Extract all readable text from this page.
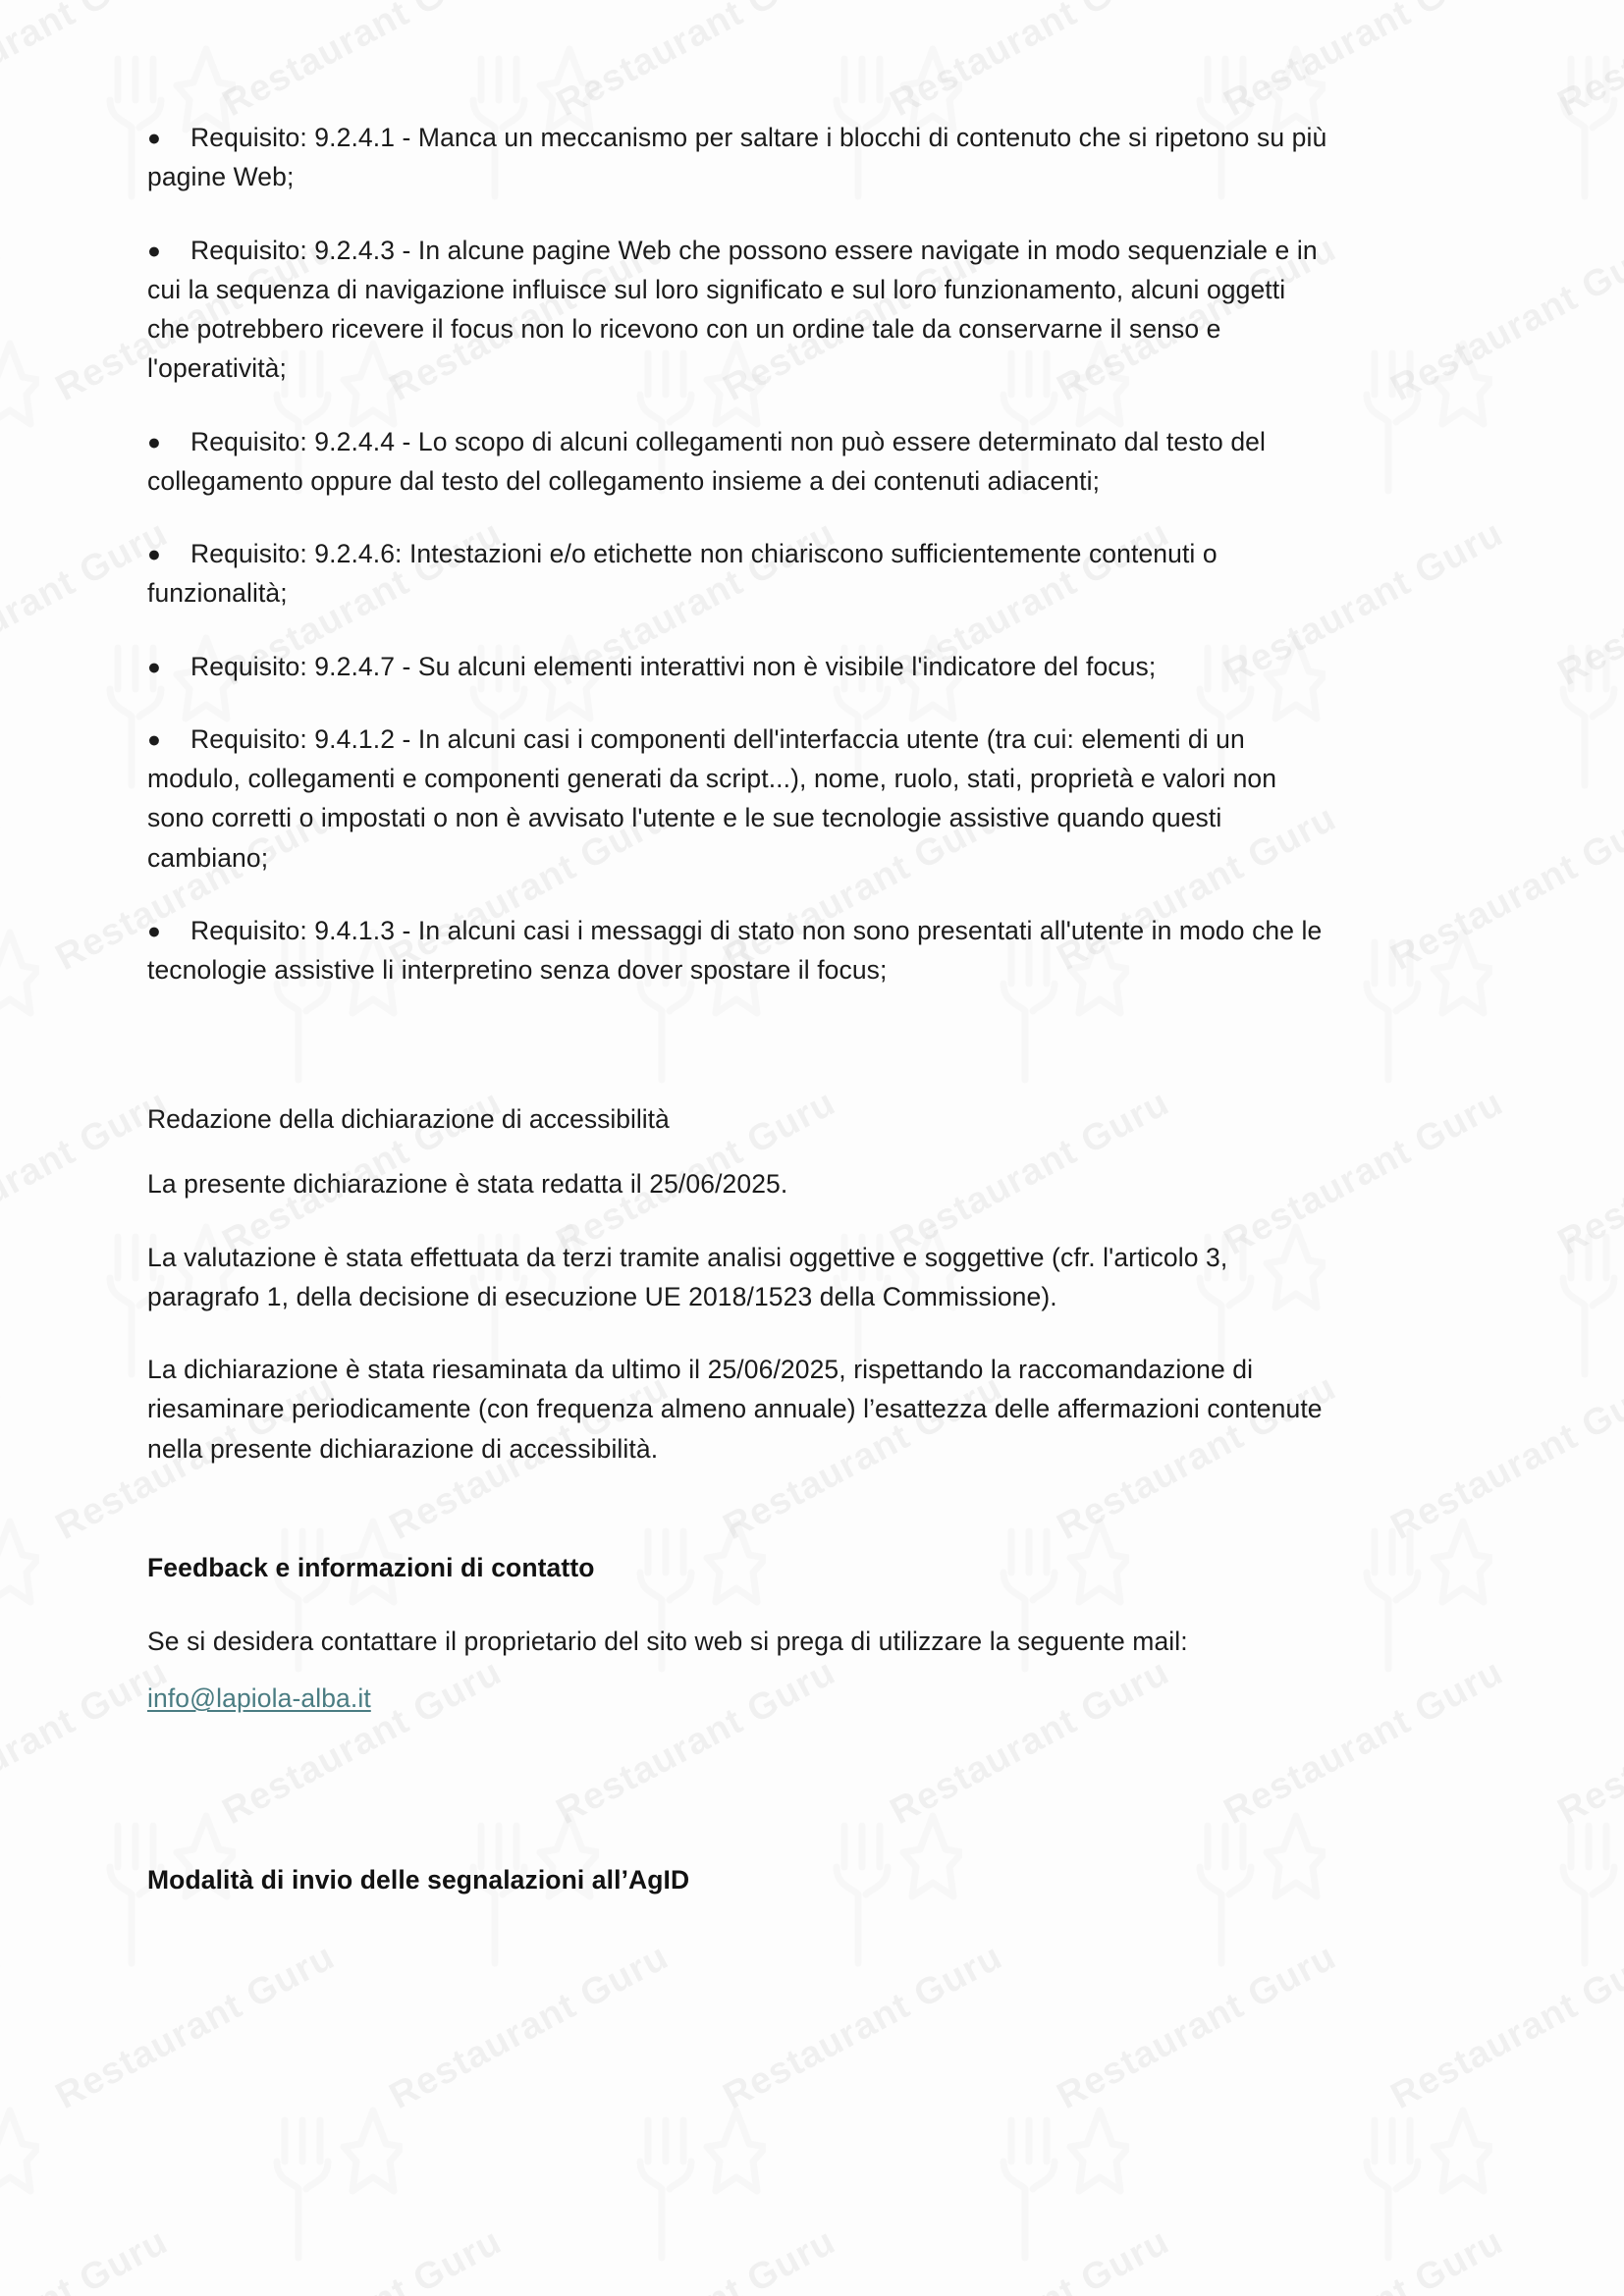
● Requisito: 9.2.4.1 - Manca un meccanismo per saltare i blocchi di contenuto che si ripetono su più pagine Web;

● Requisito: 9.2.4.3 - In alcune pagine Web che possono essere navigate in modo sequenziale e in cui la sequenza di navigazione influisce sul loro significato e sul loro funzionamento, alcuni oggetti che potrebbero ricevere il focus non lo ricevono con un ordine tale da conservarne il senso e l'operatività;

● Requisito: 9.2.4.4 - Lo scopo di alcuni collegamenti non può essere determinato dal testo del collegamento oppure dal testo del collegamento insieme a dei contenuti adiacenti;

● Requisito: 9.2.4.6: Intestazioni e/o etichette non chiariscono sufficientemente contenuti o funzionalità;

● Requisito: 9.2.4.7 - Su alcuni elementi interattivi non è visibile l'indicatore del focus;

● Requisito: 9.4.1.2 - In alcuni casi i componenti dell'interfaccia utente (tra cui: elementi di un modulo, collegamenti e componenti generati da script...), nome, ruolo, stati, proprietà e valori non sono corretti o impostati o non è avvisato l'utente e le sue tecnologie assistive quando questi cambiano;

● Requisito: 9.4.1.3 - In alcuni casi i messaggi di stato non sono presentati all'utente in modo che le tecnologie assistive li interpretino senza dover spostare il focus;

Redazione della dichiarazione di accessibilità

La presente dichiarazione è stata redatta il 25/06/2025.

La valutazione è stata effettuata da terzi tramite analisi oggettive e soggettive (cfr. l'articolo 3, paragrafo 1, della decisione di esecuzione UE 2018/1523 della Commissione).

La dichiarazione è stata riesaminata da ultimo il 25/06/2025, rispettando la raccomandazione di riesaminare periodicamente (con frequenza almeno annuale) l’esattezza delle affermazioni contenute nella presente dichiarazione di accessibilità.

Feedback e informazioni di contatto

Se si desidera contattare il proprietario del sito web si prega di utilizzare la seguente mail:

info@lapiola-alba.it

Modalità di invio delle segnalazioni all’AgID
